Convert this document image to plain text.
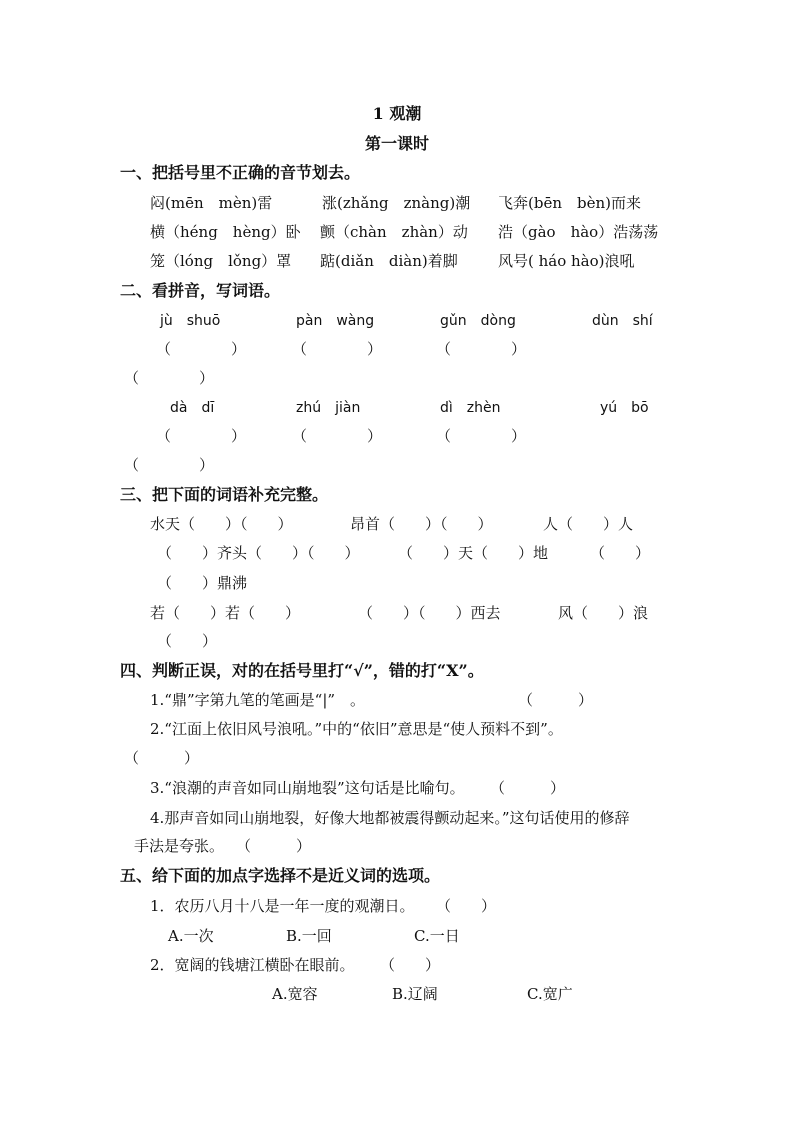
1 观潮
第一课时
一、把括号里不正确的音节划去。
闷(mēn　mèn)雷	涨(zhǎng　znàng)潮 飞奔(bēn　bèn)而来
横（héng　hèng）卧 颤（chàn　zhàn）动 浩（gào　hào）浩荡荡
笼（lóng　lǒng）罩 踮(diǎn　diàn)着脚	风号( háo hào)浪吼
二、看拼音，写词语。
jù　shuō	pàn　wàng	gǔn　dòng	dùn　shí
（　　　　）	（　　　　）	（　　　　）
（　　　　）
dà　dī	zhú　jiàn	dì　zhèn	yú　bō
（　　　　）	（　　　　）	（　　　　）
（　　　　）
三、把下面的词语补充完整。
水天（　　）（　　）	昂首（　　）（　　）	人（　　）人
（　　）齐头（　　）（　　）	（　　）天（　　）地	（　　）
（　　）鼎沸
若（　　）若（　　）	（　　）（　　）西去	风（　　）浪
（　　）
四、判断正误，对的在括号里打“√”，错的打“X”。
1.“鼎”字第九笔的笔画是“|”　。	（　　　）
2.“江面上依旧风号浪吼。”中的“依旧”意思是“使人预料不到”。
（　　　）
3.“浪潮的声音如同山崩地裂”这句话是比喻句。 （　　　）
4.那声音如同山崩地裂，好像大地都被震得颤动起来。”这句话使用的修辞
手法是夸张。 （　　　）
五、给下面的加点字选择不是近义词的选项。
1．农历八月十八是一年一度的观潮日。 （　　）
A.一次	B.一回	C.一日
2．宽阔的钱塘江横卧在眼前。 （　　）
A.宽容	B.辽阔	C.宽广
